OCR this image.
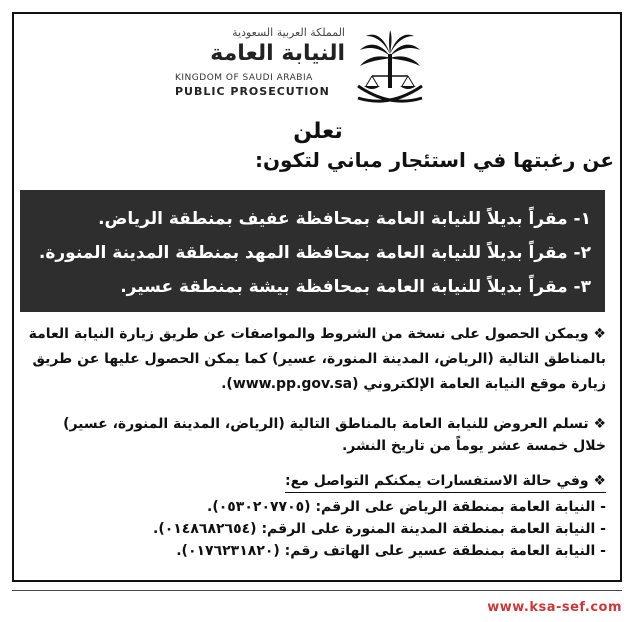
المملكة العربية السعودية
النيابة العامة
KINGDOM OF SAUDI ARABIA
PUBLIC PROSECUTION
تعلن
عن رغبتها في استئجار مباني لتكون:
١- مقراً بديلاً للنيابة العامة بمحافظة عفيف بمنطقة الرياض.
٢- مقراً بديلاً للنيابة العامة بمحافظة المهد بمنطقة المدينة المنورة.
٣- مقراً بديلاً للنيابة العامة بمحافظة بيشة بمنطقة عسير.
❖ ويمكن الحصول على نسخة من الشروط والمواصفات عن طريق زيارة النيابة العامة بالمناطق التالية (الرياض، المدينة المنورة، عسير) كما يمكن الحصول عليها عن طريق زيارة موقع النيابة العامة الإلكتروني (www.pp.gov.sa).
❖ تسلم العروض للنيابة العامة بالمناطق التالية (الرياض، المدينة المنورة، عسير) خلال خمسة عشر يوماً من تاريخ النشر.
❖ وفي حالة الاستفسارات يمكنكم التواصل مع:
- النيابة العامة بمنطقة الرياض على الرقم: (٠٥٣٠٢٠٧٧٠٥).
- النيابة العامة بمنطقة المدينة المنورة على الرقم: (٠١٤٨٦٨٢٦٥٤).
- النيابة العامة بمنطقة عسير على الهاتف رقم: (٠١٧٦٢٣١٨٢٠).
www.ksa-sef.com
